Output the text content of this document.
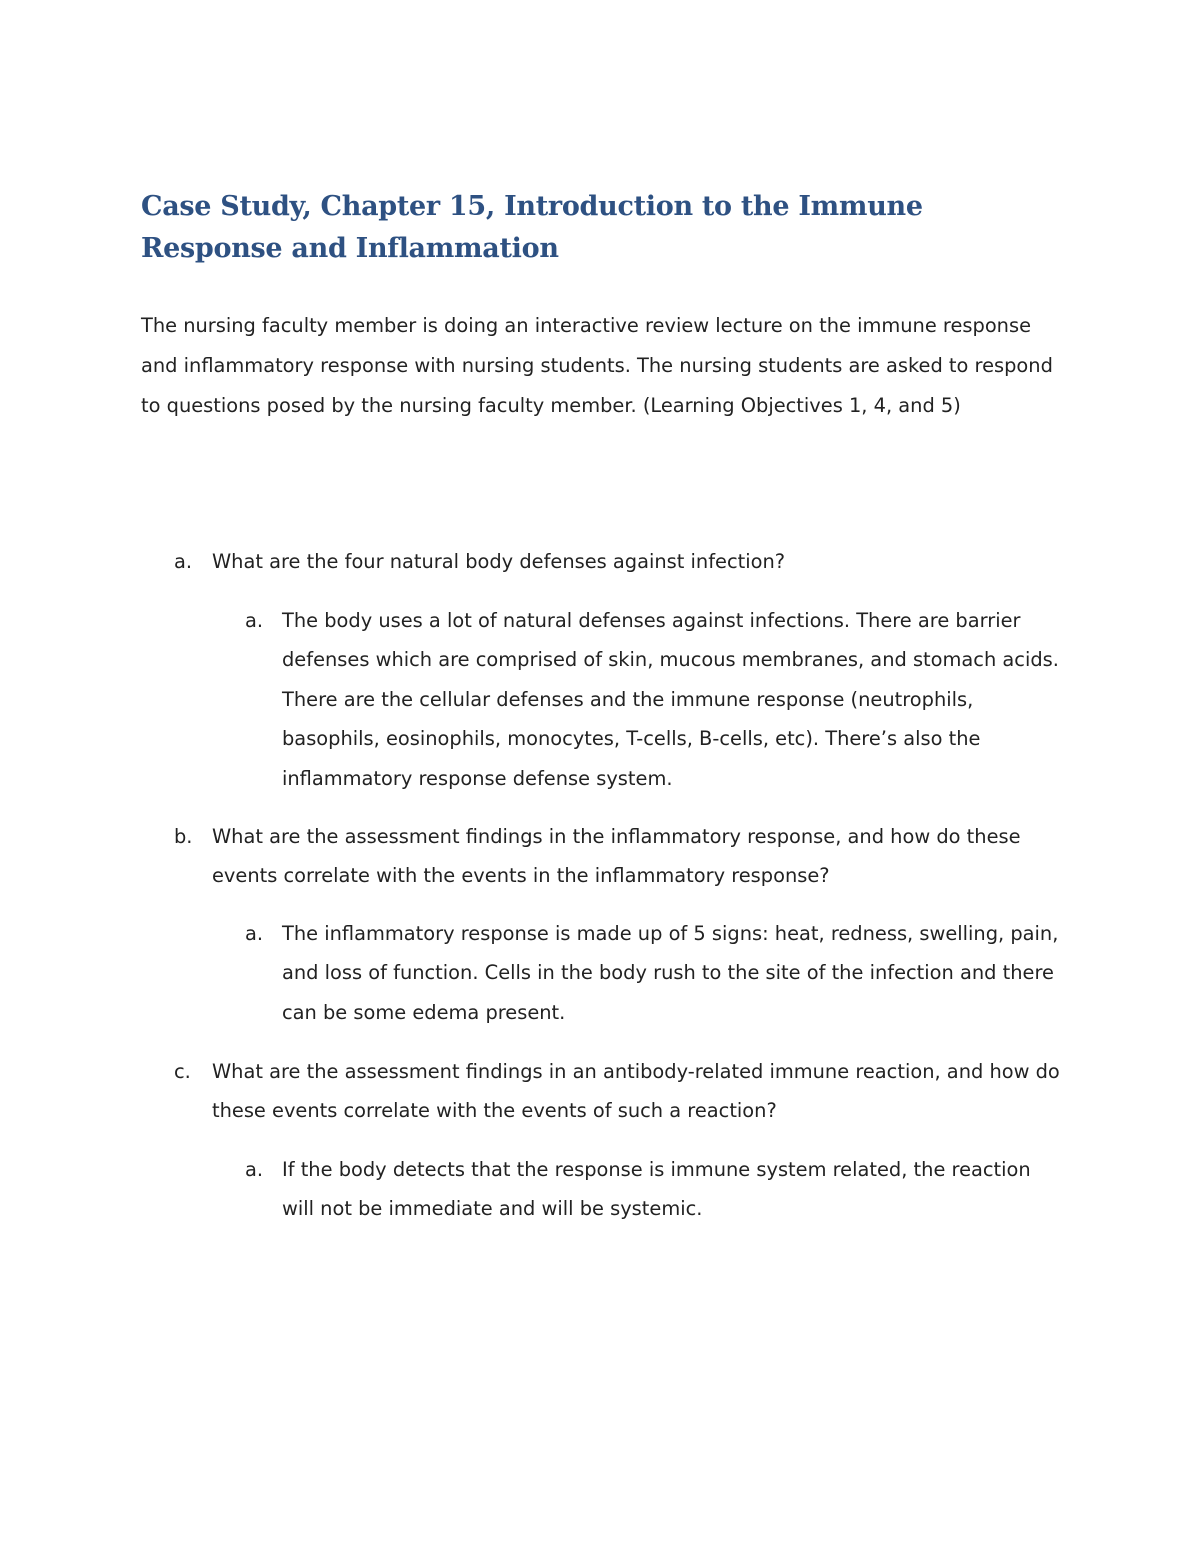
Case Study, Chapter 15, Introduction to the Immune Response and Inflammation

The nursing faculty member is doing an interactive review lecture on the immune response and inflammatory response with nursing students. The nursing students are asked to respond to questions posed by the nursing faculty member. (Learning Objectives 1, 4, and 5)

a. What are the four natural body defenses against infection?
a. The body uses a lot of natural defenses against infections. There are barrier defenses which are comprised of skin, mucous membranes, and stomach acids. There are the cellular defenses and the immune response (neutrophils, basophils, eosinophils, monocytes, T-cells, B-cells, etc). There’s also the inflammatory response defense system.
b. What are the assessment findings in the inflammatory response, and how do these events correlate with the events in the inflammatory response?
a. The inflammatory response is made up of 5 signs: heat, redness, swelling, pain, and loss of function. Cells in the body rush to the site of the infection and there can be some edema present.
c. What are the assessment findings in an antibody-related immune reaction, and how do these events correlate with the events of such a reaction?
a. If the body detects that the response is immune system related, the reaction will not be immediate and will be systemic.
